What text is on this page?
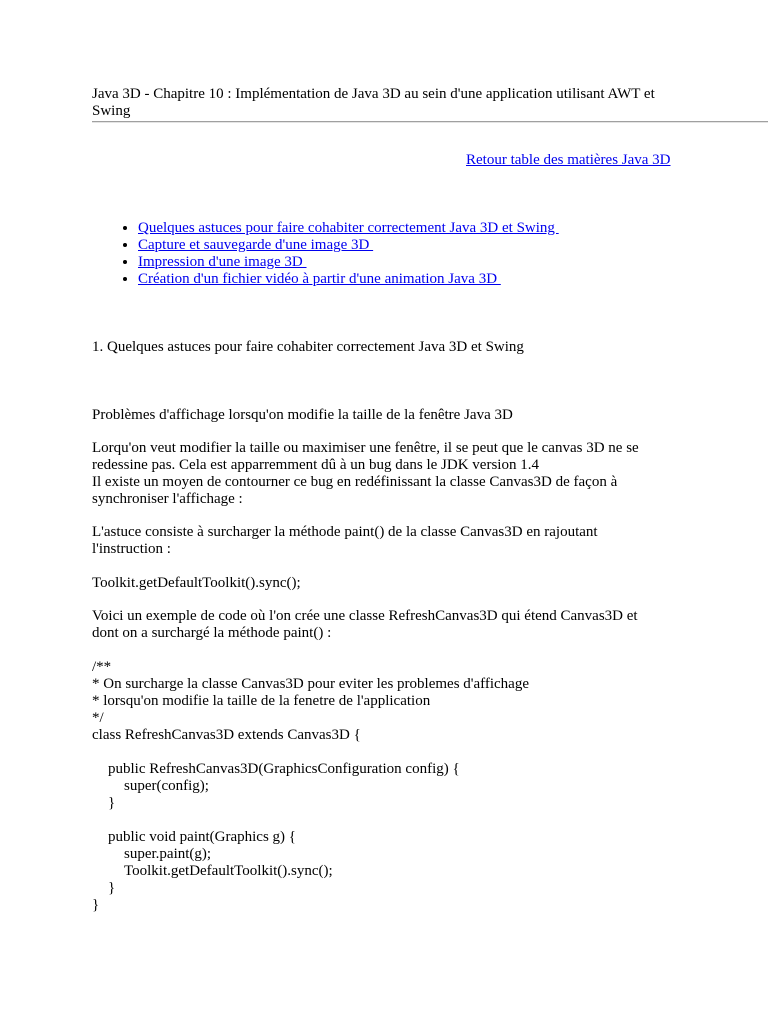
Java 3D - Chapitre 10 : Implémentation de Java 3D au sein d'une application utilisant AWT et
Swing
Retour table des matières Java 3D
• Quelques astuces pour faire cohabiter correctement Java 3D et Swing
• Capture et sauvegarde d'une image 3D
• Impression d'une image 3D
• Création d'un fichier vidéo à partir d'une animation Java 3D

1. Quelques astuces pour faire cohabiter correctement Java 3D et Swing

Problèmes d'affichage lorsqu'on modifie la taille de la fenêtre Java 3D

Lorqu'on veut modifier la taille ou maximiser une fenêtre, il se peut que le canvas 3D ne se
redessine pas. Cela est apparremment dû à un bug dans le JDK version 1.4
Il existe un moyen de contourner ce bug en redéfinissant la classe Canvas3D de façon à
synchroniser l'affichage :

L'astuce consiste à surcharger la méthode paint() de la classe Canvas3D en rajoutant
l'instruction :

Toolkit.getDefaultToolkit().sync();

Voici un exemple de code où l'on crée une classe RefreshCanvas3D qui étend Canvas3D et
dont on a surchargé la méthode paint() :

/**
* On surcharge la classe Canvas3D pour eviter les problemes d'affichage
* lorsqu'on modifie la taille de la fenetre de l'application
*/
class RefreshCanvas3D extends Canvas3D {
public RefreshCanvas3D(GraphicsConfiguration config) {
super(config);
}
public void paint(Graphics g) {
super.paint(g);
Toolkit.getDefaultToolkit().sync();
}
}
